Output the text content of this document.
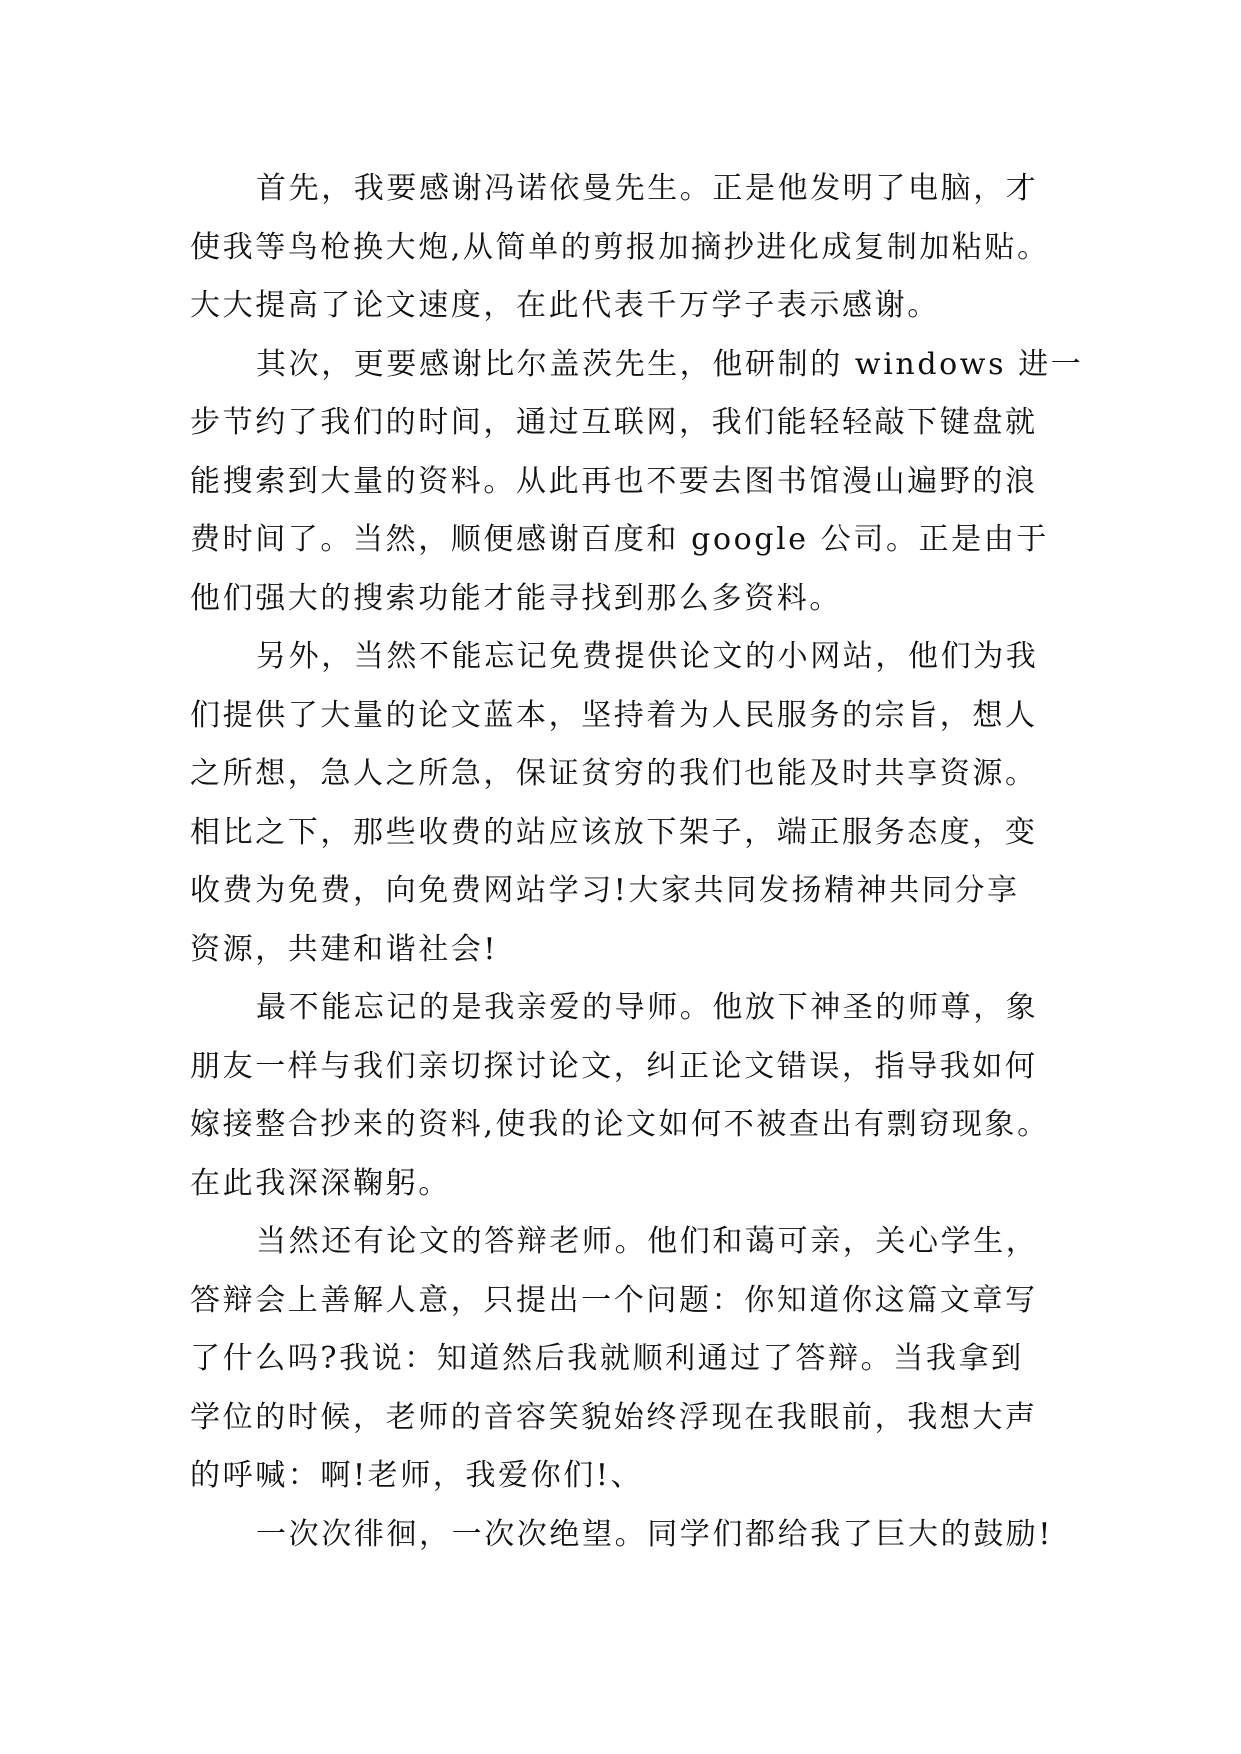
首先，我要感谢冯诺依曼先生。正是他发明了电脑，才
使我等鸟枪换大炮,从简单的剪报加摘抄进化成复制加粘贴。
大大提高了论文速度，在此代表千万学子表示感谢。
其次，更要感谢比尔盖茨先生，他研制的 windows 进一
步节约了我们的时间，通过互联网，我们能轻轻敲下键盘就
能搜索到大量的资料。从此再也不要去图书馆漫山遍野的浪
费时间了。当然，顺便感谢百度和 google 公司。正是由于
他们强大的搜索功能才能寻找到那么多资料。
另外，当然不能忘记免费提供论文的小网站，他们为我
们提供了大量的论文蓝本，坚持着为人民服务的宗旨，想人
之所想，急人之所急，保证贫穷的我们也能及时共享资源。
相比之下，那些收费的站应该放下架子，端正服务态度，变
收费为免费，向免费网站学习!大家共同发扬精神共同分享
资源，共建和谐社会!
最不能忘记的是我亲爱的导师。他放下神圣的师尊，象
朋友一样与我们亲切探讨论文，纠正论文错误，指导我如何
嫁接整合抄来的资料,使我的论文如何不被查出有剽窃现象。
在此我深深鞠躬。
当然还有论文的答辩老师。他们和蔼可亲，关心学生，
答辩会上善解人意，只提出一个问题：你知道你这篇文章写
了什么吗?我说：知道然后我就顺利通过了答辩。当我拿到
学位的时候，老师的音容笑貌始终浮现在我眼前，我想大声
的呼喊：啊!老师，我爱你们!、
一次次徘徊，一次次绝望。同学们都给我了巨大的鼓励!
